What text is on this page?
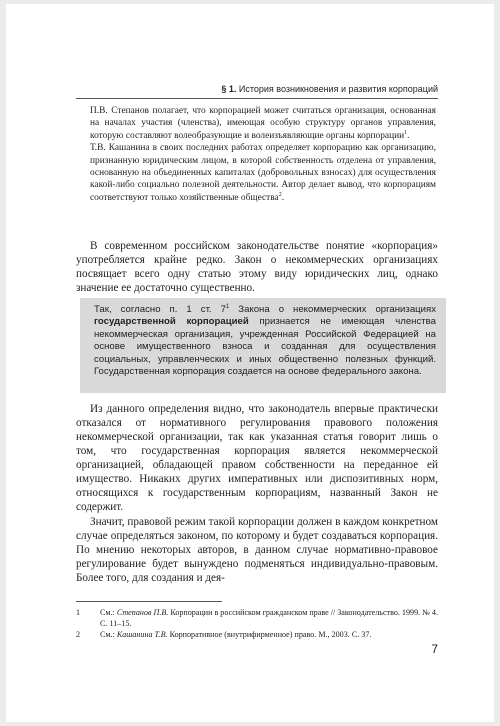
§ 1. История возникновения и развития корпораций

П.В. Степанов полагает, что корпорацией может считаться организация, основанная на началах участия (членства), имеющая особую структуру органов управления, которую составляют волеобразующие и волеизъявляющие органы корпорации$^1$.

Т.В. Кашанина в своих последних работах определяет корпорацию как организацию, признанную юридическим лицом, в которой собственность отделена от управления, основанную на объединенных капиталах (добровольных взносах) для осуществления какой-либо социально полезной деятельности. Автор делает вывод, что корпорациям соответствуют только хозяйственные общества$^2$.

В современном российском законодательстве понятие «корпорация» употребляется крайне редко. Закон о некоммерческих организациях посвящает всего одну статью этому виду юридических лиц, однако значение ее достаточно существенно.

Так, согласно п. 1 ст. $7^1$ Закона о некоммерческих организациях государственной корпорацией признается не имеющая членства некоммерческая организация, учрежденная Российской Федерацией на основе имущественного взноса и созданная для осуществления социальных, управленческих и иных общественно полезных функций. Государственная корпорация создается на основе федерального закона.

Из данного определения видно, что законодатель впервые практически отказался от нормативного регулирования правового положения некоммерческой организации, так как указанная статья говорит лишь о том, что государственная корпорация является некоммерческой организацией, обладающей правом собственности на переданное ей имущество. Никаких других императивных или диспозитивных норм, относящихся к государственным корпорациям, названный Закон не содержит.

Значит, правовой режим такой корпорации должен в каждом конкретном случае определяться законом, по которому и будет создаваться корпорация. По мнению некоторых авторов, в данном случае нормативно-правовое регулирование будет вынуждено подменяться индивидуально-правовым. Более того, для создания и дея-

1	См.: Степанов П.В. Корпорации в российском гражданском праве // Законодательство. 1999. № 4. С. 11–15.
2	См.: Кашанина Т.В. Корпоративное (внутрифирменное) право. М., 2003. С. 37.
7
